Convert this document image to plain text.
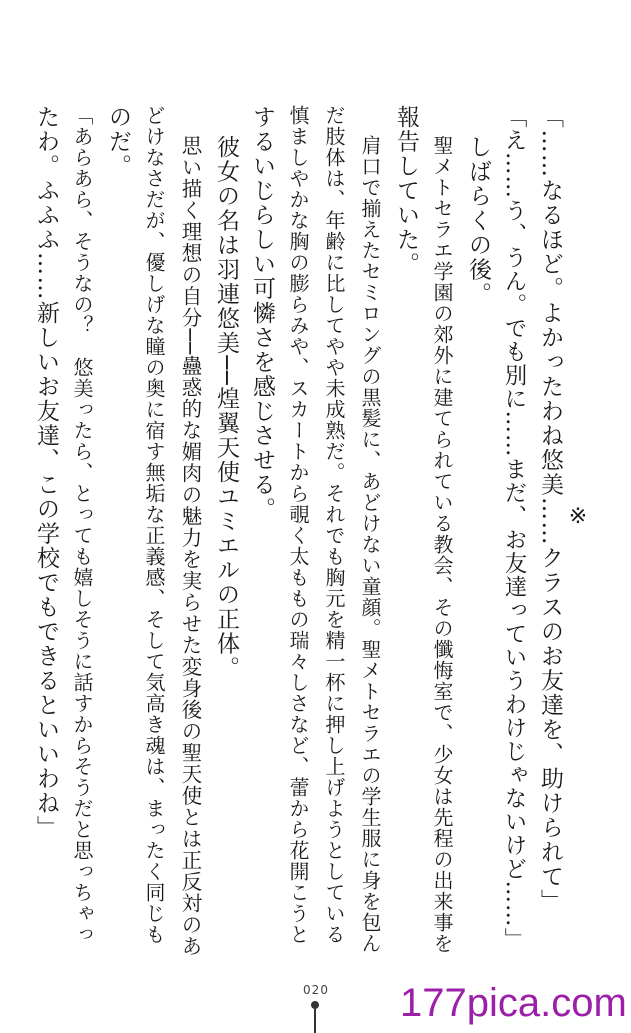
「……なるほど。よかったわね悠美……クラスのお友達を、助けられて」
「え……う、うん。でも別に……まだ、お友達っていうわけじゃないけど……」 ※
しばらくの後。
聖メトセラエ学園の郊外に建てられている教会、その懺悔室で、少女は先程の出来事を
報告していた。
肩口で揃えたセミロングの黒髪に、あどけない童顔。聖メトセラエの学生服に身を包ん
だ肢体は、年齢に比してやや未成熟だ。それでも胸元を精一杯に押し上げようとしている
慎ましやかな胸の膨らみや、スカートから覗く太ももの瑞々しさなど、蕾から花開こうと
するいじらしい可憐さを感じさせる。
彼女の名は羽連悠美──煌翼天使ユミエルの正体。
思い描く理想の自分──蠱惑的な媚肉の魅力を実らせた変身後の聖天使とは正反対のあ
どけなさだが、優しげな瞳の奥に宿す無垢な正義感、そして気高き魂は、まったく同じも
のだ。
「あらあら、そうなの？　悠美ったら、とっても嬉しそうに話すからそうだと思っちゃっ
たわ。ふふふ……新しいお友達、この学校でもできるといいわね」
020 177pica.com
